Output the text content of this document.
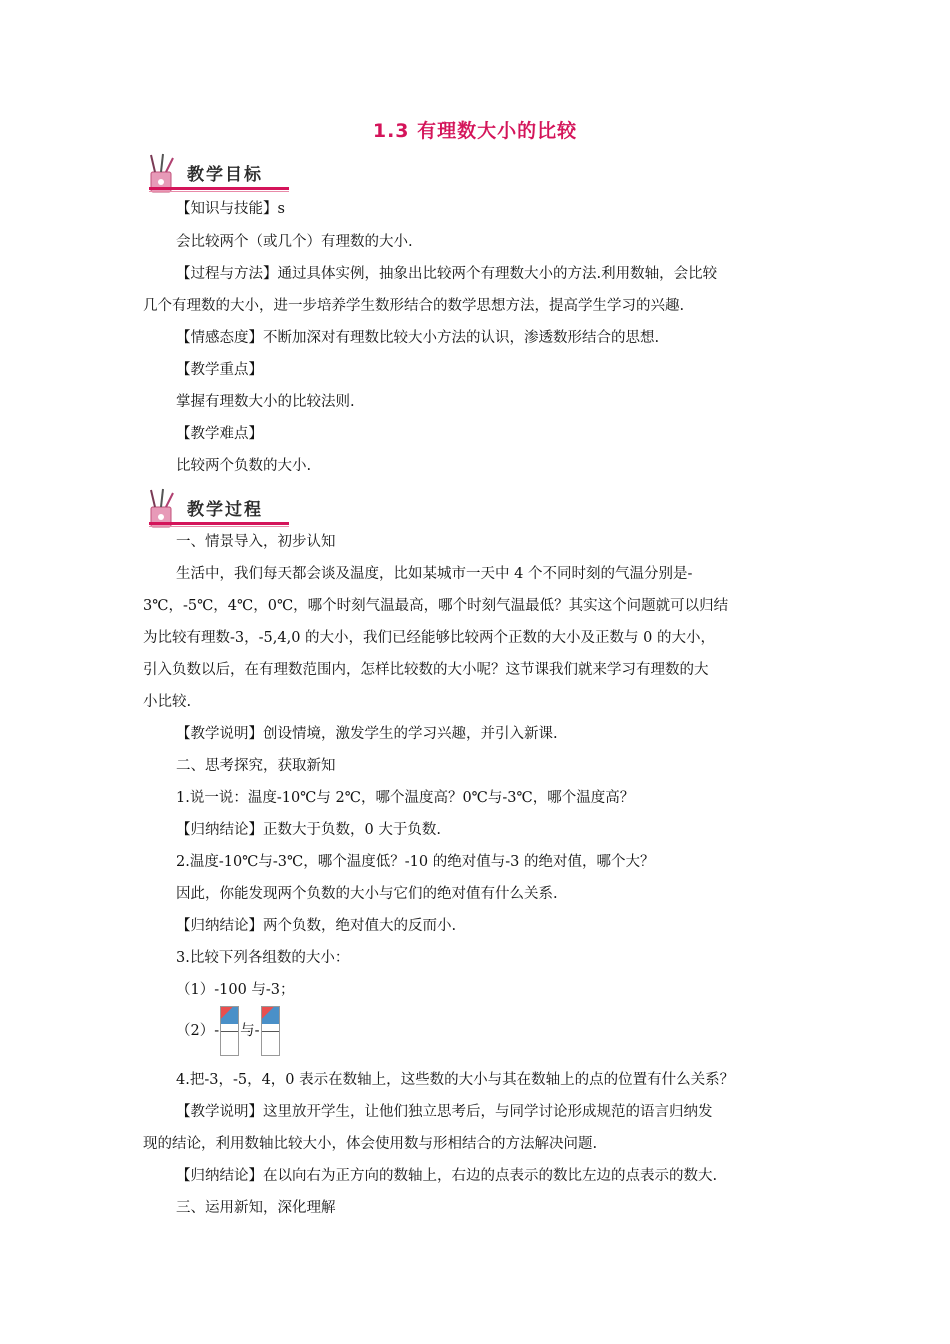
1.3 有理数大小的比较
教学目标
【知识与技能】s
会比较两个（或几个）有理数的大小.
【过程与方法】通过具体实例，抽象出比较两个有理数大小的方法.利用数轴，会比较
几个有理数的大小，进一步培养学生数形结合的数学思想方法，提高学生学习的兴趣.
【情感态度】不断加深对有理数比较大小方法的认识，渗透数形结合的思想.
【教学重点】
掌握有理数大小的比较法则.
【教学难点】
比较两个负数的大小.
教学过程
一、情景导入，初步认知
生活中，我们每天都会谈及温度，比如某城市一天中 4 个不同时刻的气温分别是-
3℃，-5℃，4℃，0℃，哪个时刻气温最高，哪个时刻气温最低？其实这个问题就可以归结
为比较有理数-3，-5,4,0 的大小，我们已经能够比较两个正数的大小及正数与 0 的大小，
引入负数以后，在有理数范围内，怎样比较数的大小呢？这节课我们就来学习有理数的大
小比较.
【教学说明】创设情境，激发学生的学习兴趣，并引入新课.
二、思考探究，获取新知
1.说一说：温度-10℃与 2℃，哪个温度高？0℃与-3℃，哪个温度高？
【归纳结论】正数大于负数，0 大于负数.
2.温度-10℃与-3℃，哪个温度低？-10 的绝对值与-3 的绝对值，哪个大？
因此，你能发现两个负数的大小与它们的绝对值有什么关系.
【归纳结论】两个负数，绝对值大的反而小.
3.比较下列各组数的大小：
（1）-100 与-3；
（2）- 与-
4.把-3，-5，4，0 表示在数轴上，这些数的大小与其在数轴上的点的位置有什么关系？
【教学说明】这里放开学生，让他们独立思考后，与同学讨论形成规范的语言归纳发
现的结论，利用数轴比较大小，体会使用数与形相结合的方法解决问题.
【归纳结论】在以向右为正方向的数轴上，右边的点表示的数比左边的点表示的数大.
三、运用新知，深化理解
